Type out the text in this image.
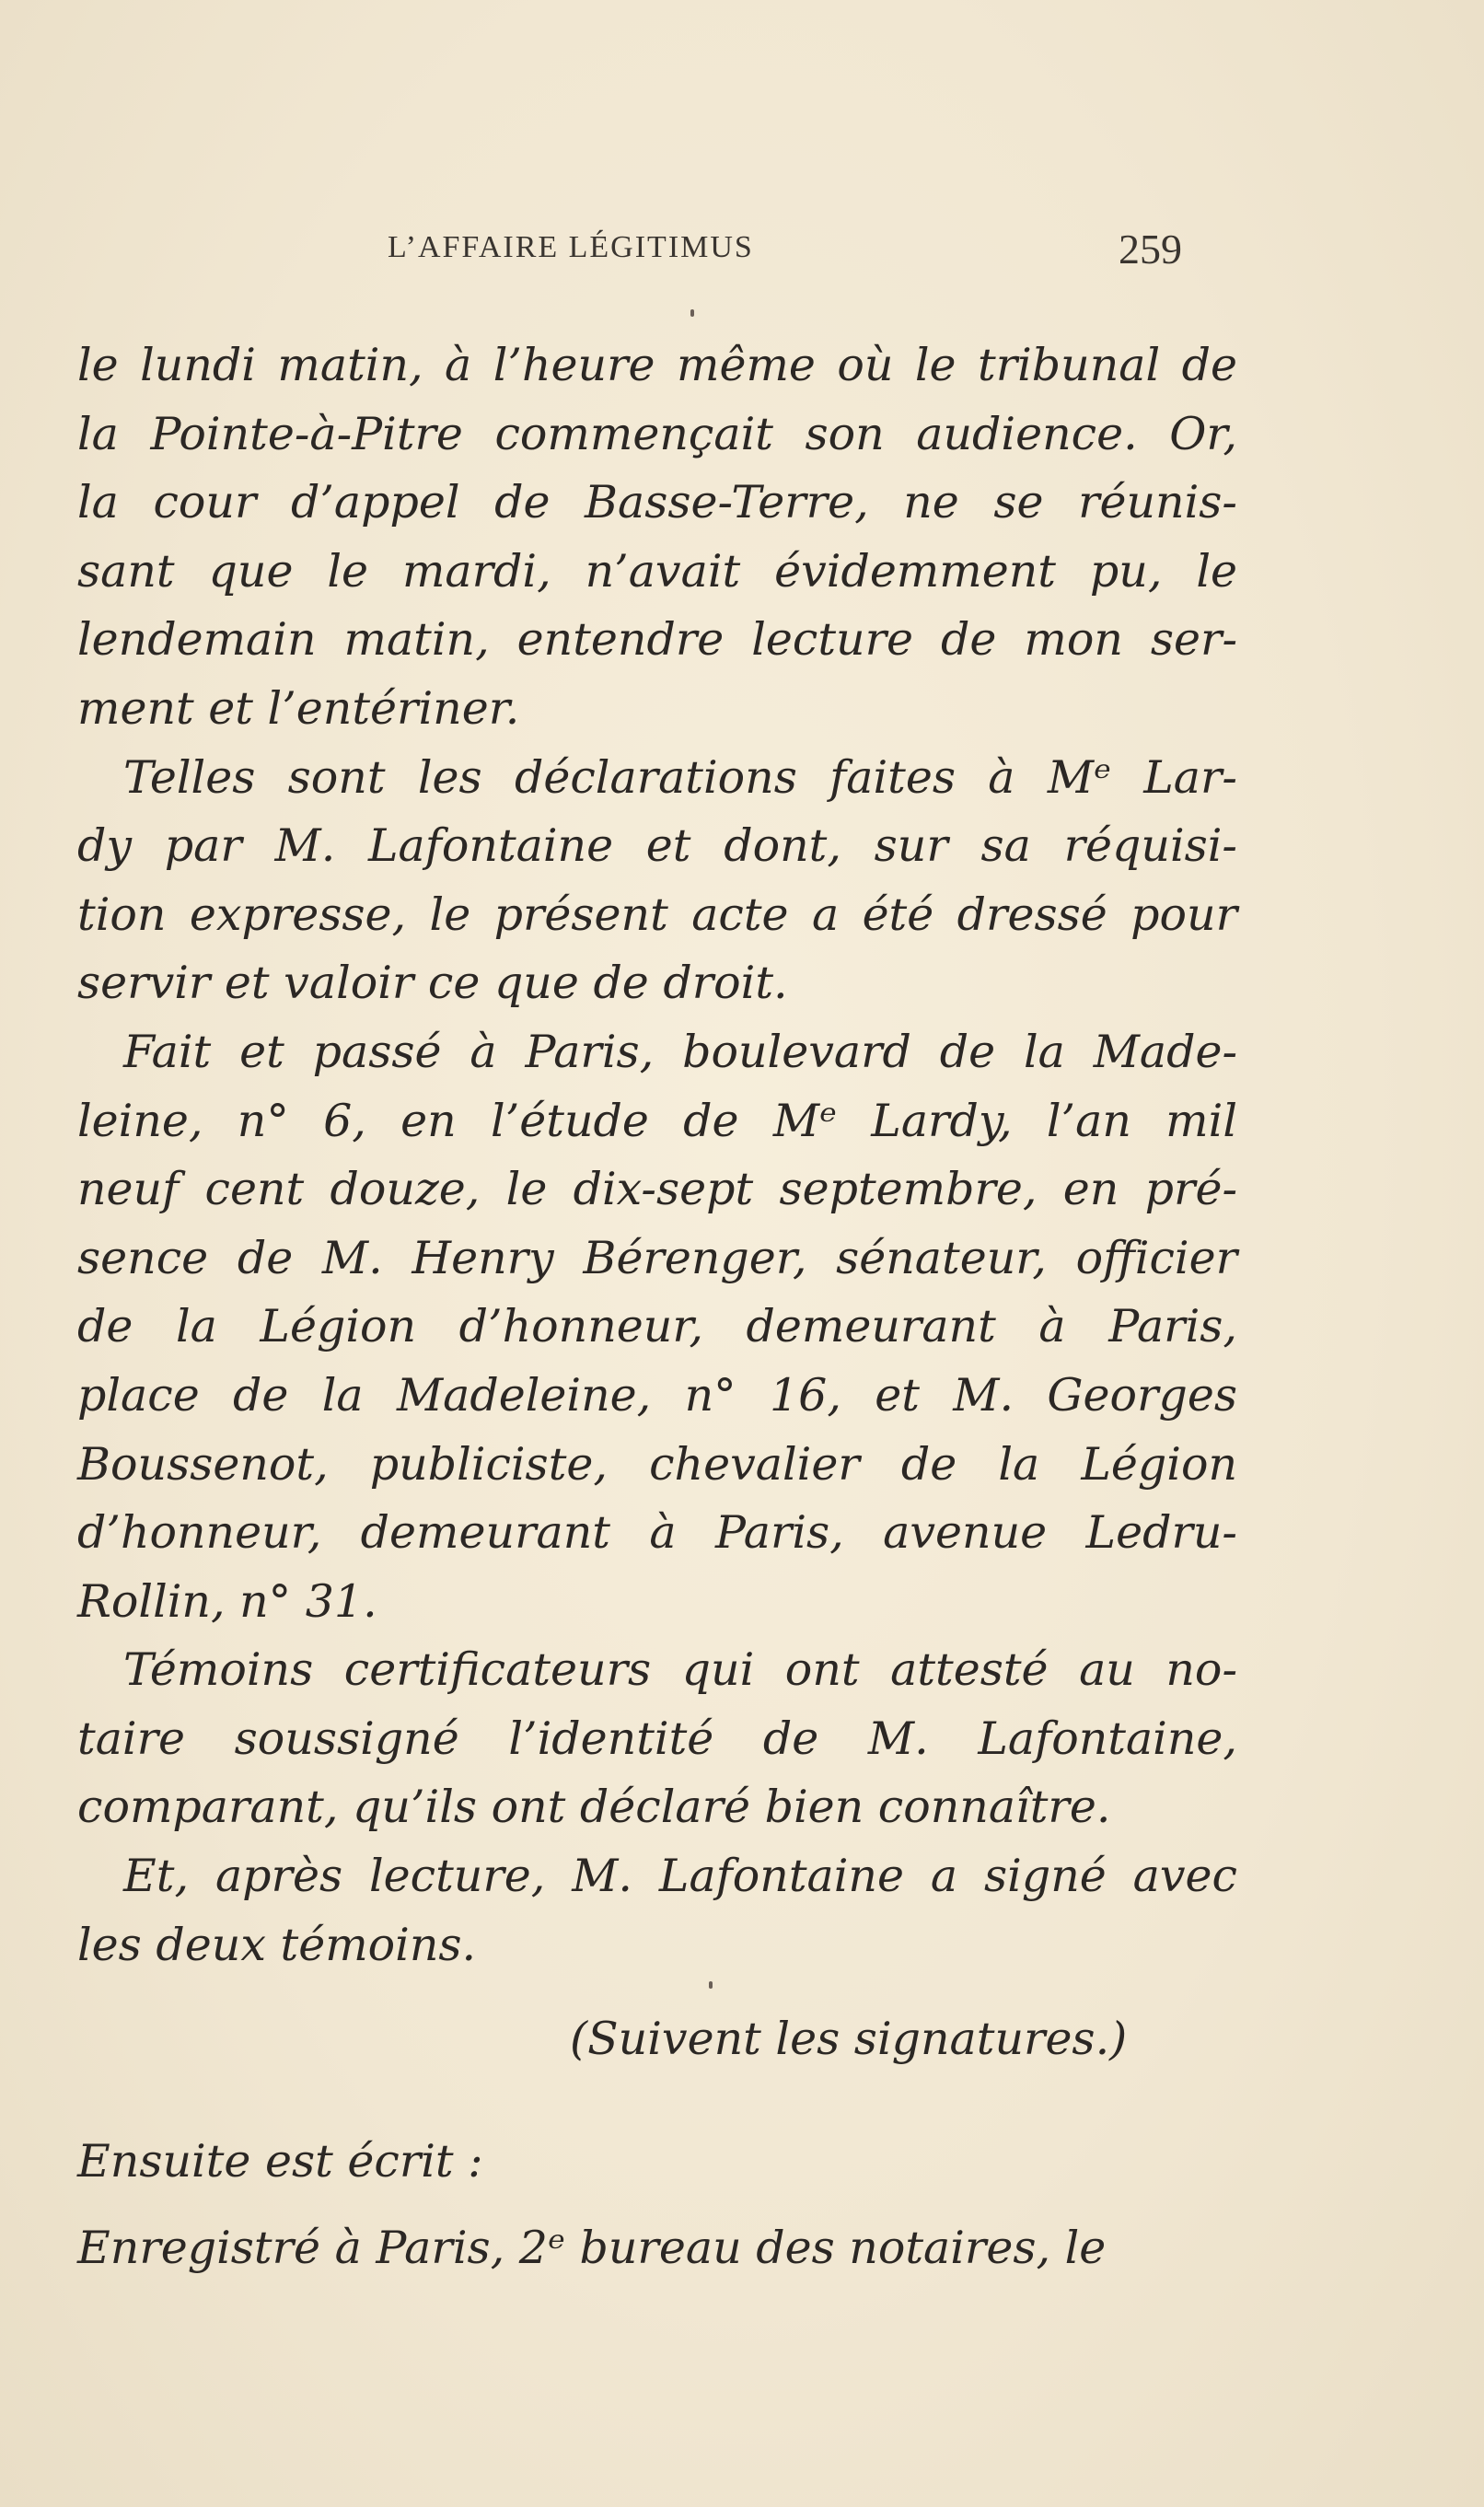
L’AFFAIRE LÉGITIMUS	259
le lundi matin, à l’heure même où le tribunal de
la Pointe-à-Pitre commençait son audience. Or,
la cour d’appel de Basse-Terre, ne se réunis-
sant que le mardi, n’avait évidemment pu, le
lendemain matin, entendre lecture de mon ser-
ment et l’entériner.
Telles sont les déclarations faites à Mᵉ Lar-
dy par M. Lafontaine et dont, sur sa réquisi-
tion expresse, le présent acte a été dressé pour
servir et valoir ce que de droit.
Fait et passé à Paris, boulevard de la Made-
leine, n° 6, en l’étude de Mᵉ Lardy, l’an mil
neuf cent douze, le dix-sept septembre, en pré-
sence de M. Henry Bérenger, sénateur, officier
de la Légion d’honneur, demeurant à Paris,
place de la Madeleine, n° 16, et M. Georges
Boussenot, publiciste, chevalier de la Légion
d’honneur, demeurant à Paris, avenue Ledru-
Rollin, n° 31.
Témoins certificateurs qui ont attesté au no-
taire soussigné l’identité de M. Lafontaine,
comparant, qu’ils ont déclaré bien connaître.
Et, après lecture, M. Lafontaine a signé avec
les deux témoins.
(Suivent les signatures.)
Ensuite est écrit :
Enregistré à Paris, 2ᵉ bureau des notaires, le
